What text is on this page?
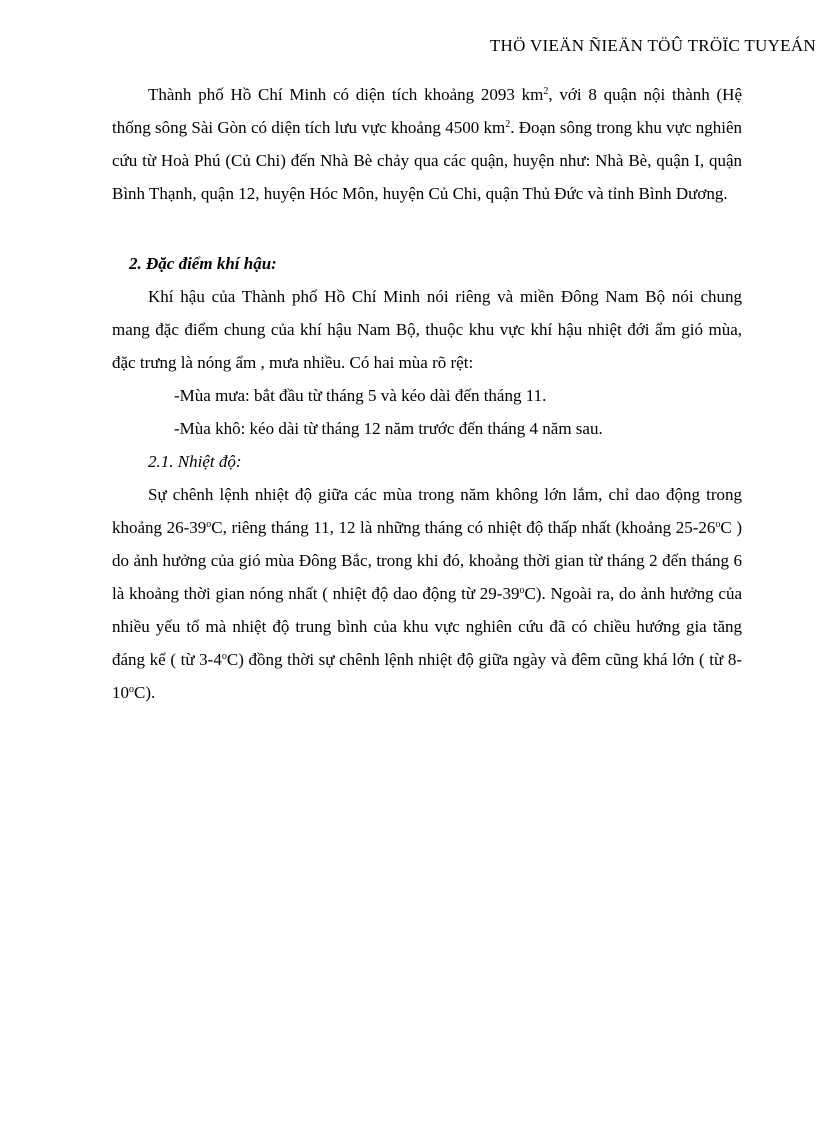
THÖ VIEÄN ÑIEÄN TÖÛ TRÖÏC TUYEÁN

Thành phố Hồ Chí Minh có diện tích khoảng 2093 $km^2$, với 8 quận nội thành (Hệ thống sông Sài Gòn có diện tích lưu vực khoảng 4500 $km^2$. Đoạn sông trong khu vực nghiên cứu từ Hoà Phú (Củ Chi) đến Nhà Bè chảy qua các quận, huyện như: Nhà Bè, quận I, quận Bình Thạnh, quận 12, huyện Hóc Môn, huyện Củ Chi, quận Thủ Đức và tỉnh Bình Dương.

2. Đặc điểm khí hậu:

Khí hậu của Thành phố Hồ Chí Minh nói riêng và miền Đông Nam Bộ nói chung mang đặc điểm chung của khí hậu Nam Bộ, thuộc khu vực khí hậu nhiệt đới ẩm gió mùa, đặc trưng là nóng ẩm , mưa nhiều. Có hai mùa rõ rệt:

-Mùa mưa: bắt đầu từ tháng 5 và kéo dài đến tháng 11.

-Mùa khô: kéo dài từ tháng 12 năm trước đến tháng 4 năm sau.

2.1. Nhiệt độ:

Sự chênh lệnh nhiệt độ giữa các mùa trong năm không lớn lắm, chỉ dao động trong khoảng 26-39$^o$C, riêng tháng 11, 12 là những tháng có nhiệt độ thấp nhất (khoảng 25-26$^o$C ) do ảnh hưởng của gió mùa Đông Bắc, trong khi đó, khoảng thời gian từ tháng 2 đến tháng 6 là khoảng thời gian nóng nhất ( nhiệt độ dao động từ 29-39$^o$C). Ngoài ra, do ảnh hưởng của nhiều yếu tố mà nhiệt độ trung bình của khu vực nghiên cứu đã có chiều hướng gia tăng đáng kể ( từ 3-4$^o$C) đồng thời sự chênh lệnh nhiệt độ giữa ngày và đêm cũng khá lớn ( từ 8-10$^o$C).
